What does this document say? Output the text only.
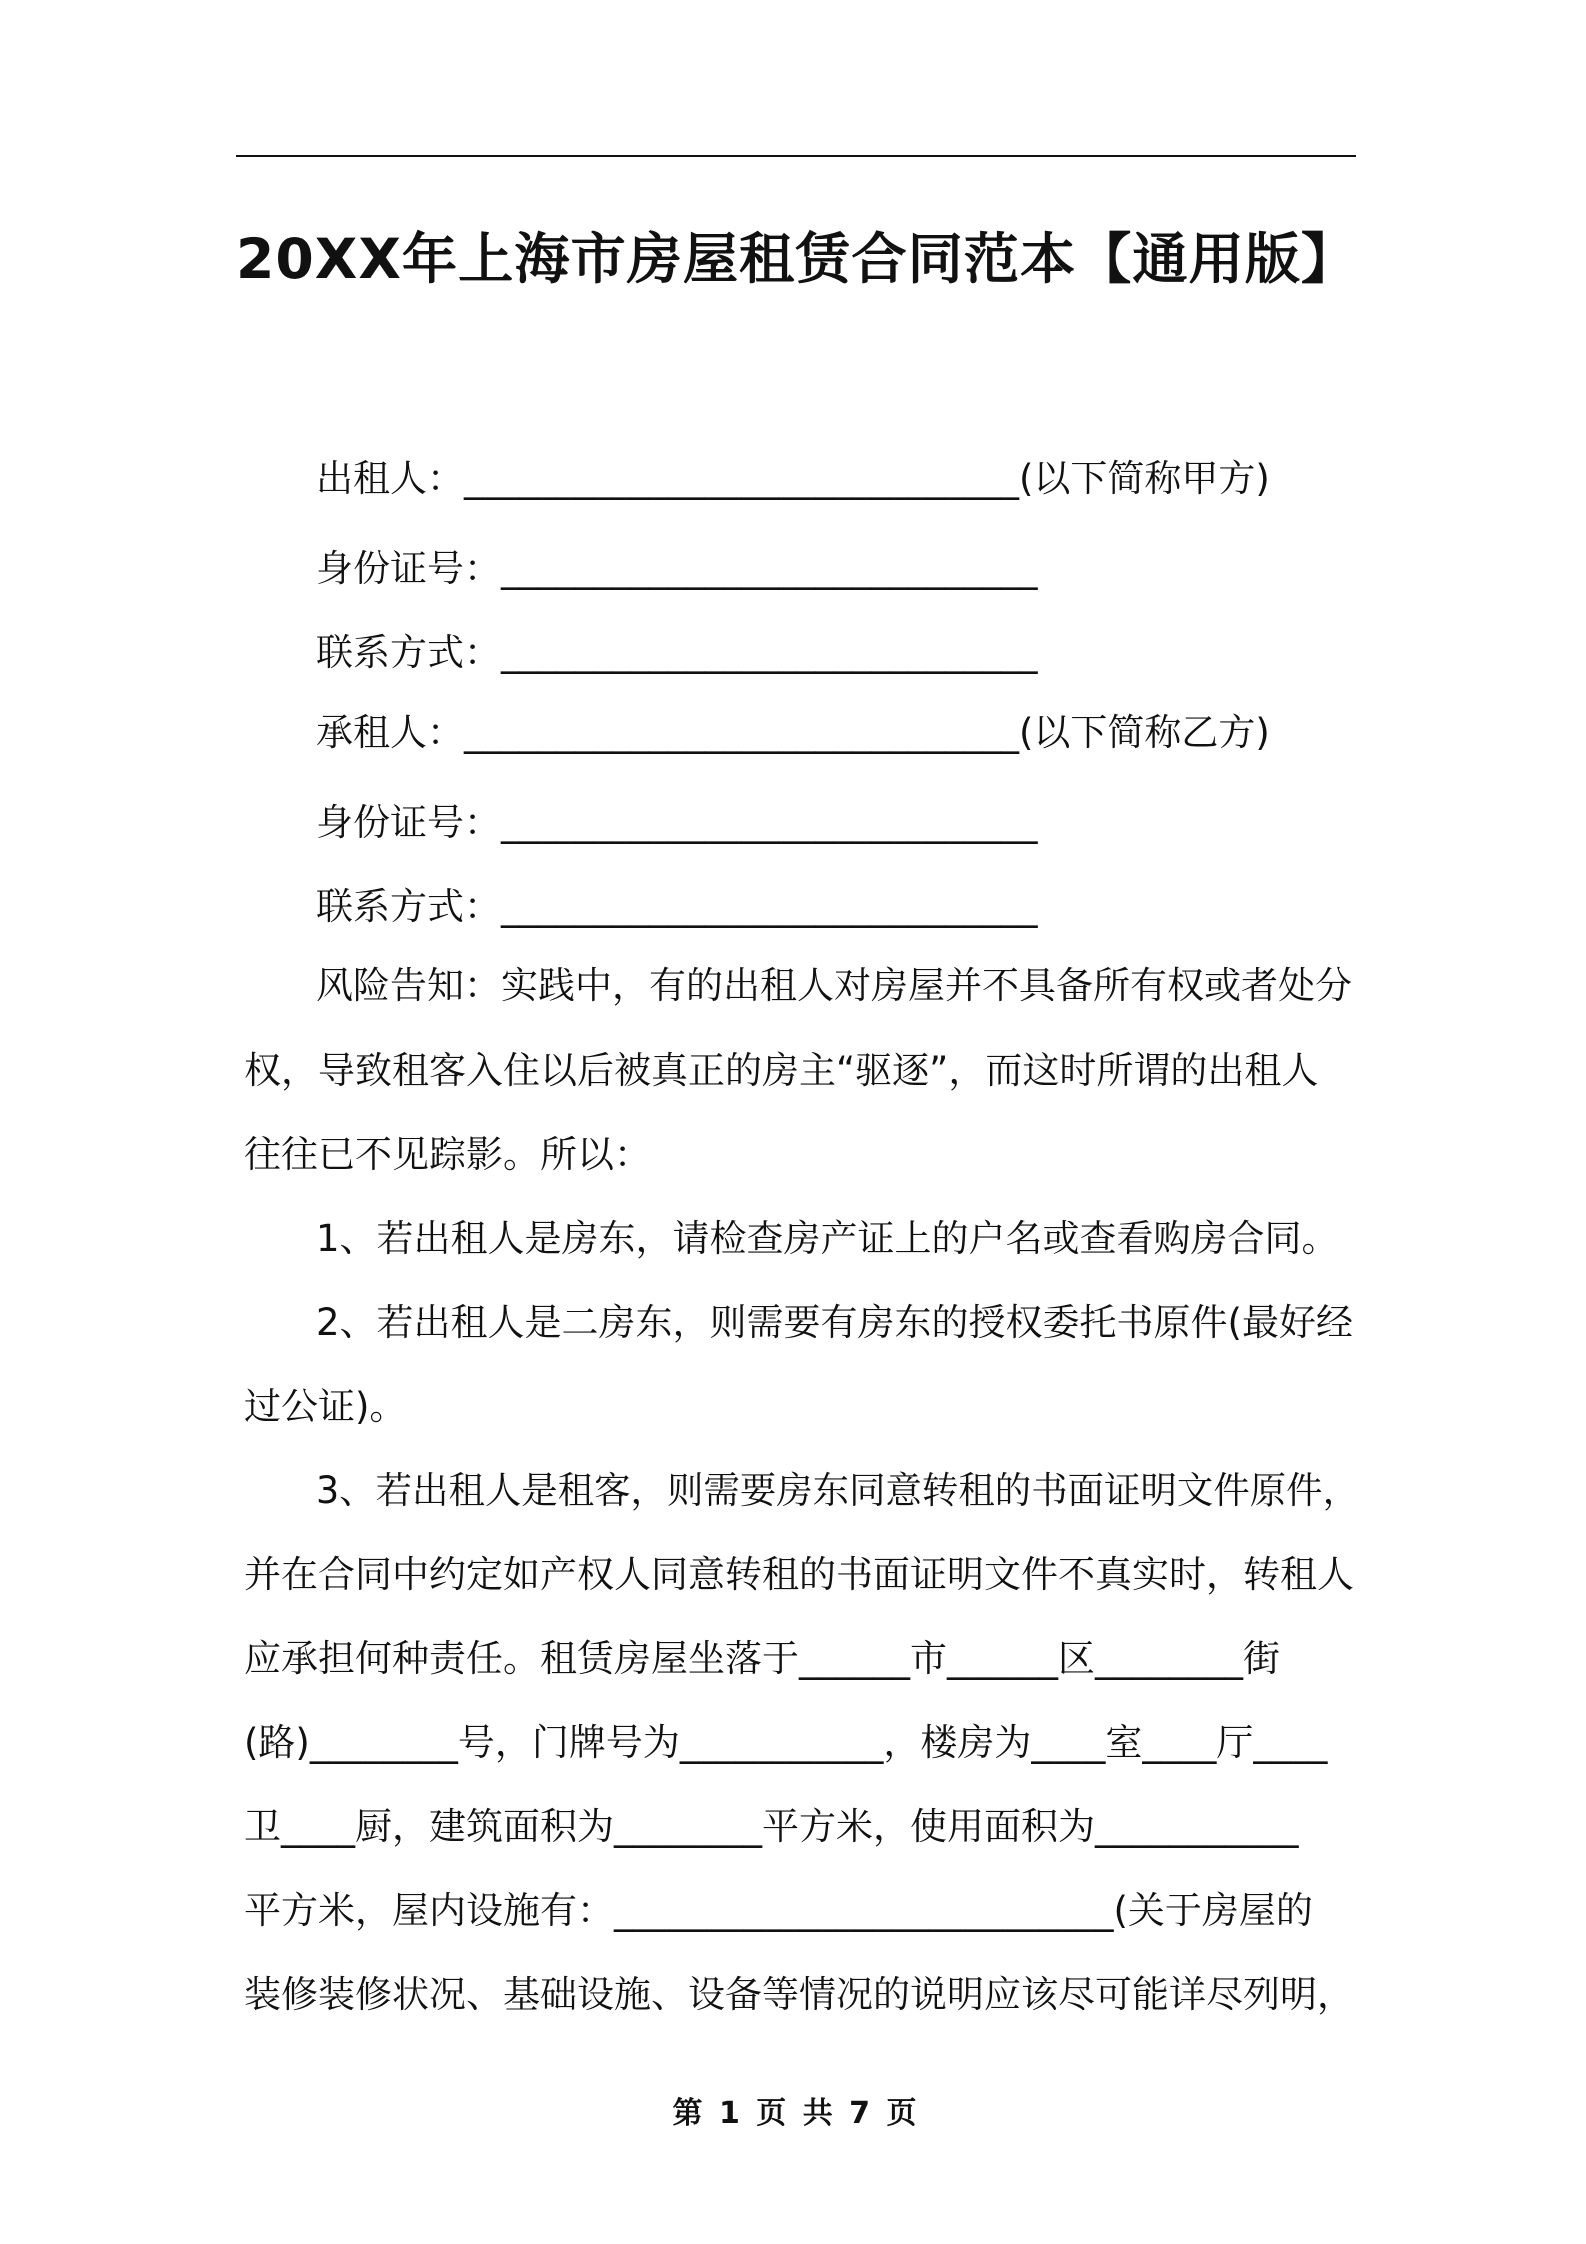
20XX年上海市房屋租赁合同范本【通用版】
出租人：______________________________(以下简称甲方)
身份证号：_____________________________
联系方式：_____________________________
承租人：______________________________(以下简称乙方)
身份证号：_____________________________
联系方式：_____________________________
风险告知：实践中，有的出租人对房屋并不具备所有权或者处分
权，导致租客入住以后被真正的房主“驱逐”，而这时所谓的出租人
往往已不见踪影。所以：
1、若出租人是房东，请检查房产证上的户名或查看购房合同。
2、若出租人是二房东，则需要有房东的授权委托书原件(最好经
过公证)。
3、若出租人是租客，则需要房东同意转租的书面证明文件原件，
并在合同中约定如产权人同意转租的书面证明文件不真实时，转租人
应承担何种责任。租赁房屋坐落于______市______区________街
(路)________号，门牌号为___________，楼房为____室____厅____
卫____厨，建筑面积为________平方米，使用面积为___________
平方米，屋内设施有：___________________________(关于房屋的
装修装修状况、基础设施、设备等情况的说明应该尽可能详尽列明，
第 1 页 共 7 页
